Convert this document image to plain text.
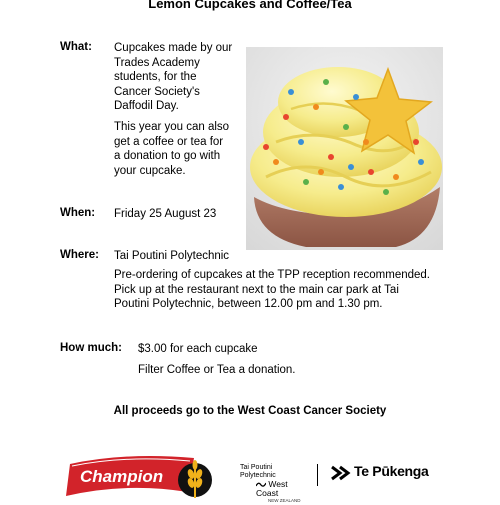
Lemon Cupcakes and Coffee/Tea
What: Cupcakes made by our
Trades Academy
students, for the
Cancer Society's
Daffodil Day.
This year you can also
get a coffee or tea for
a donation to go with
your cupcake.
When: Friday 25 August 23
Where: Tai Poutini Polytechnic
Pre-ordering of cupcakes at the TPP reception recommended.
Pick up at the restaurant next to the main car park at Tai
Poutini Polytechnic, between 12.00 pm and 1.30 pm.
How much: $3.00 for each cupcake
Filter Coffee or Tea a donation.
All proceeds go to the West Coast Cancer Society
Champion	Tai Poutini Polytechnic
West Coast
NEW ZEALAND
Te Pūkenga
